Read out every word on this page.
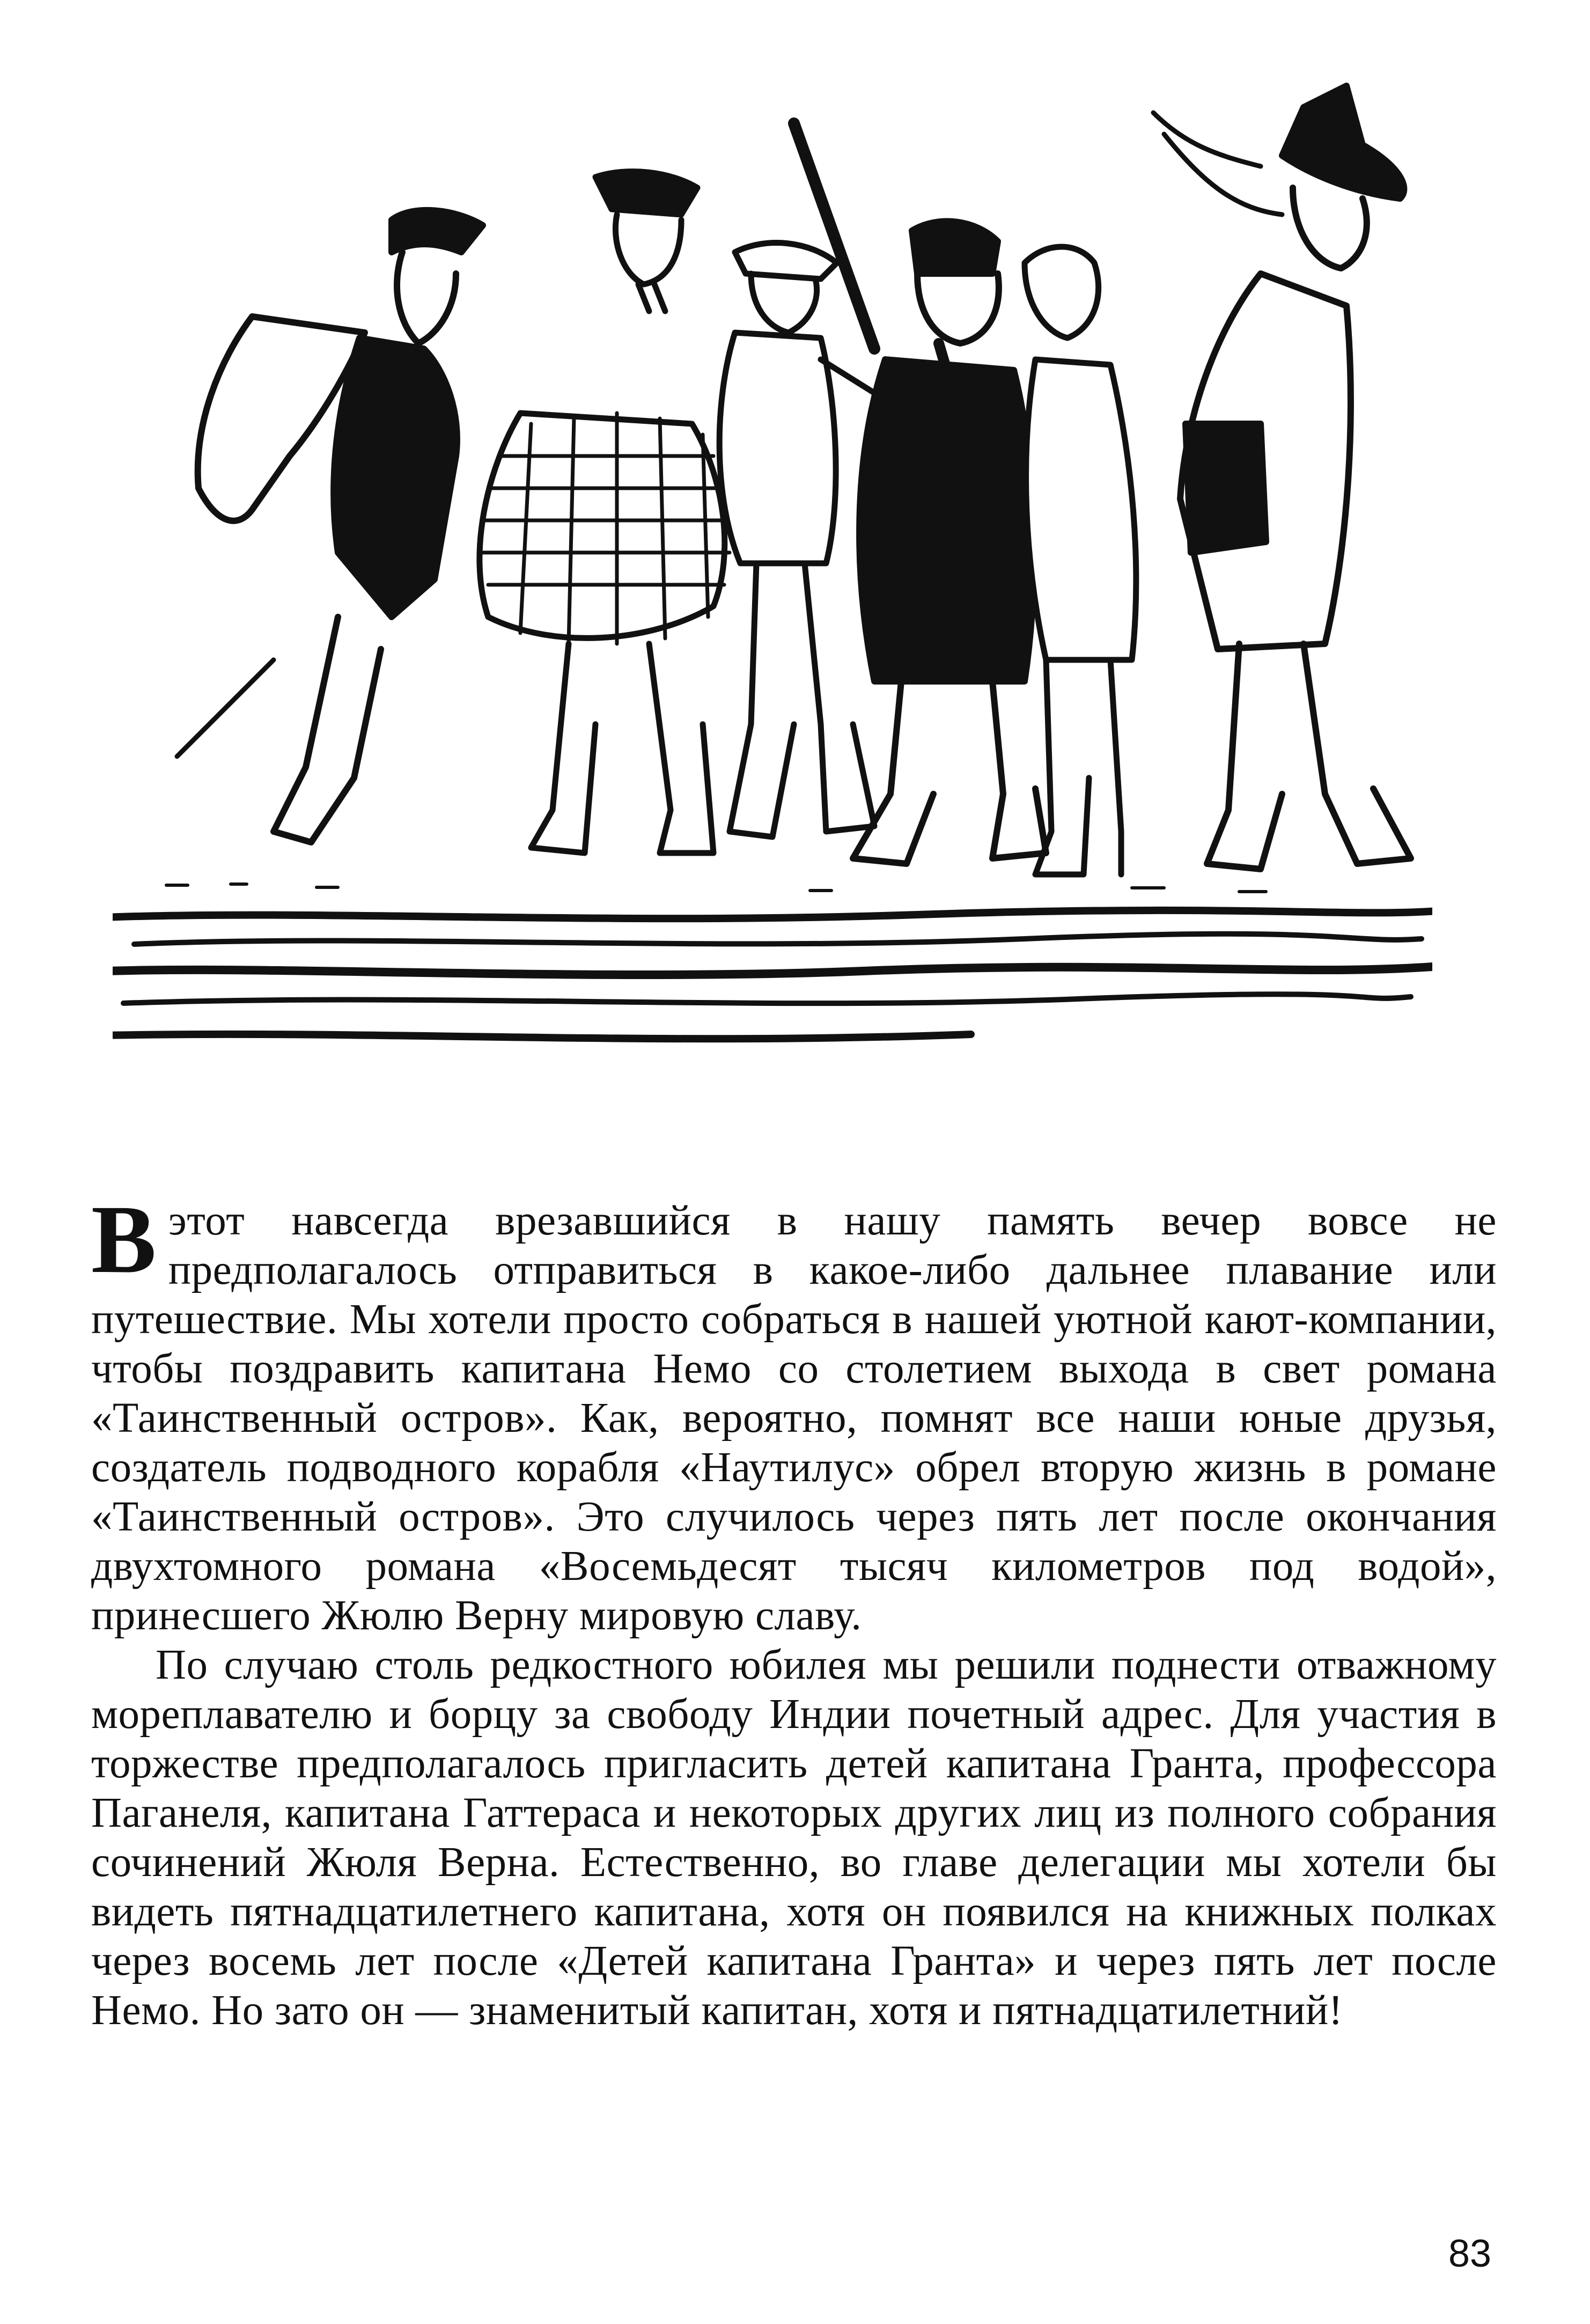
В этот навсегда врезавшийся в нашу память вечер вовсе не предполагалось отправиться в какое-либо дальнее плавание или путешествие. Мы хотели просто собраться в нашей уютной кают-компании, чтобы поздравить капитана Немо со столетием выхода в свет романа «Таинственный остров». Как, вероятно, помнят все наши юные друзья, создатель подводного корабля «Наутилус» обрел вторую жизнь в романе «Таинственный остров». Это случилось через пять лет после окончания двухтомного романа «Восемьдесят тысяч километров под водой», принесшего Жюлю Верну мировую славу.

По случаю столь редкостного юбилея мы решили поднести отважному мореплавателю и борцу за свободу Индии почетный адрес. Для участия в торжестве предполагалось пригласить детей капитана Гранта, профессора Паганеля, капитана Гаттераса и некоторых других лиц из полного собрания сочинений Жюля Верна. Естественно, во главе делегации мы хотели бы видеть пятнадцатилетнего капитана, хотя он появился на книжных полках через восемь лет после «Детей капитана Гранта» и через пять лет после Немо. Но зато он — знаменитый капитан, хотя и пятнадцатилетний!

83
